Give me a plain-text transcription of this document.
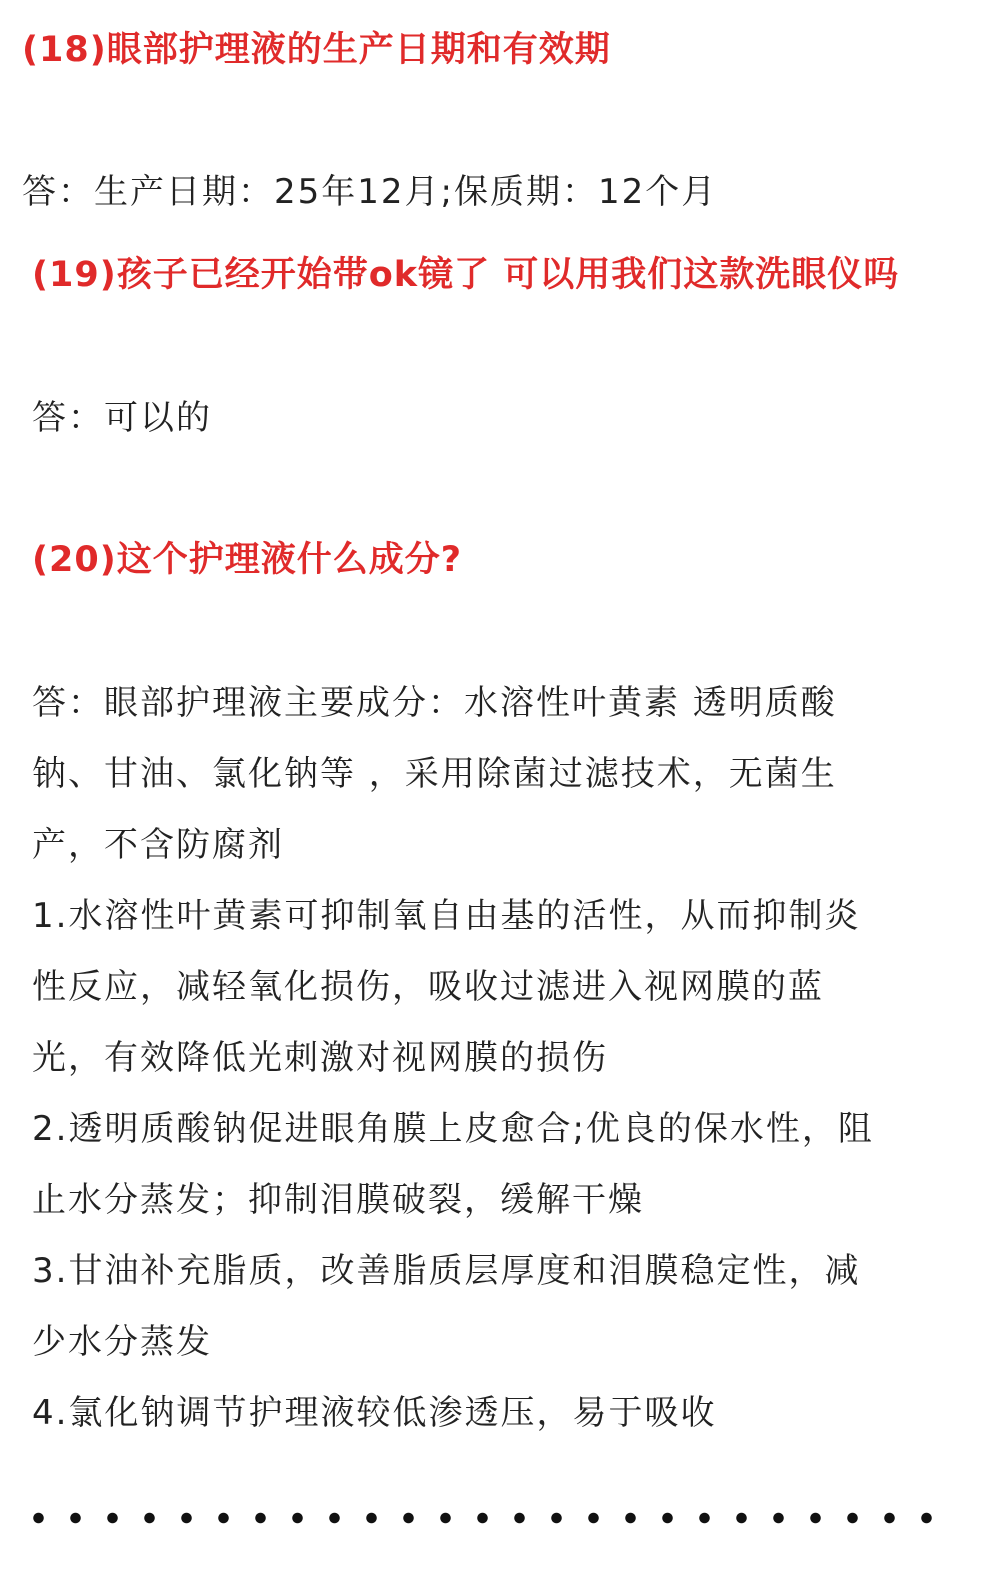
(18)眼部护理液的生产日期和有效期

答：生产日期：25年12月;保质期：12个月

(19)孩子已经开始带ok镜了 可以用我们这款洗眼仪吗

答：可以的

(20)这个护理液什么成分?

答：眼部护理液主要成分：水溶性叶黄素 透明质酸

钠、甘油、氯化钠等 ，采用除菌过滤技术，无菌生

产，不含防腐剂

1.水溶性叶黄素可抑制氧自由基的活性，从而抑制炎

性反应，减轻氧化损伤，吸收过滤进入视网膜的蓝

光，有效降低光刺激对视网膜的损伤

2.透明质酸钠促进眼角膜上皮愈合;优良的保水性，阻

止水分蒸发；抑制泪膜破裂，缓解干燥

3.甘油补充脂质，改善脂质层厚度和泪膜稳定性，减

少水分蒸发

4.氯化钠调节护理液较低渗透压，易于吸收
